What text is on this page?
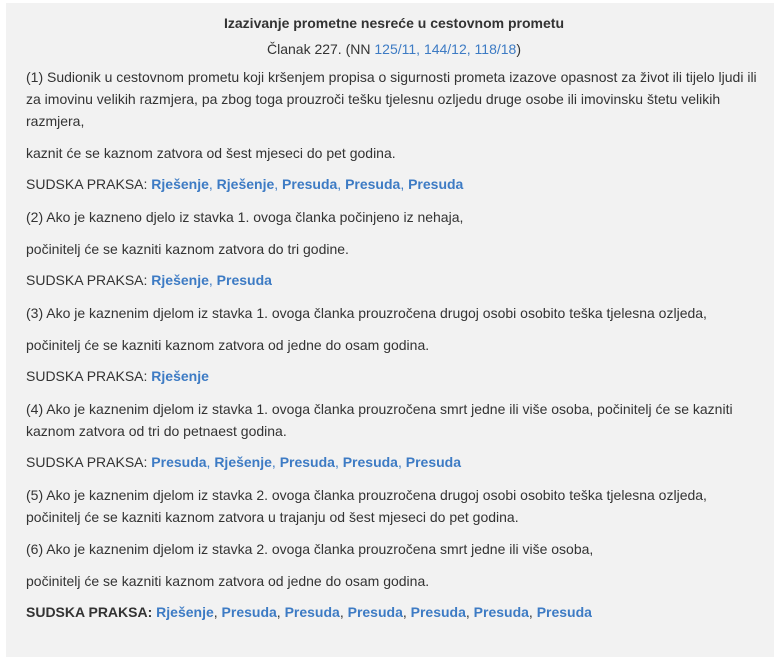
Izazivanje prometne nesreće u cestovnom prometu
Članak 227. (NN 125/11, 144/12, 118/18)
(1) Sudionik u cestovnom prometu koji kršenjem propisa o sigurnosti prometa izazove opasnost za život ili tijelo ljudi ili za imovinu velikih razmjera, pa zbog toga prouzroči tešku tjelesnu ozljedu druge osobe ili imovinsku štetu velikih razmjera,
kaznit će se kaznom zatvora od šest mjeseci do pet godina.
SUDSKA PRAKSA: Rješenje, Rješenje, Presuda, Presuda, Presuda
(2) Ako je kazneno djelo iz stavka 1. ovoga članka počinjeno iz nehaja,
počinitelj će se kazniti kaznom zatvora do tri godine.
SUDSKA PRAKSA: Rješenje, Presuda
(3) Ako je kaznenim djelom iz stavka 1. ovoga članka prouzročena drugoj osobi osobito teška tjelesna ozljeda,
počinitelj će se kazniti kaznom zatvora od jedne do osam godina.
SUDSKA PRAKSA: Rješenje
(4) Ako je kaznenim djelom iz stavka 1. ovoga članka prouzročena smrt jedne ili više osoba, počinitelj će se kazniti kaznom zatvora od tri do petnaest godina.
SUDSKA PRAKSA: Presuda, Rješenje, Presuda, Presuda, Presuda
(5) Ako je kaznenim djelom iz stavka 2. ovoga članka prouzročena drugoj osobi osobito teška tjelesna ozljeda, počinitelj će se kazniti kaznom zatvora u trajanju od šest mjeseci do pet godina.
(6) Ako je kaznenim djelom iz stavka 2. ovoga članka prouzročena smrt jedne ili više osoba,
počinitelj će se kazniti kaznom zatvora od jedne do osam godina.
SUDSKA PRAKSA: Rješenje, Presuda, Presuda, Presuda, Presuda, Presuda, Presuda
